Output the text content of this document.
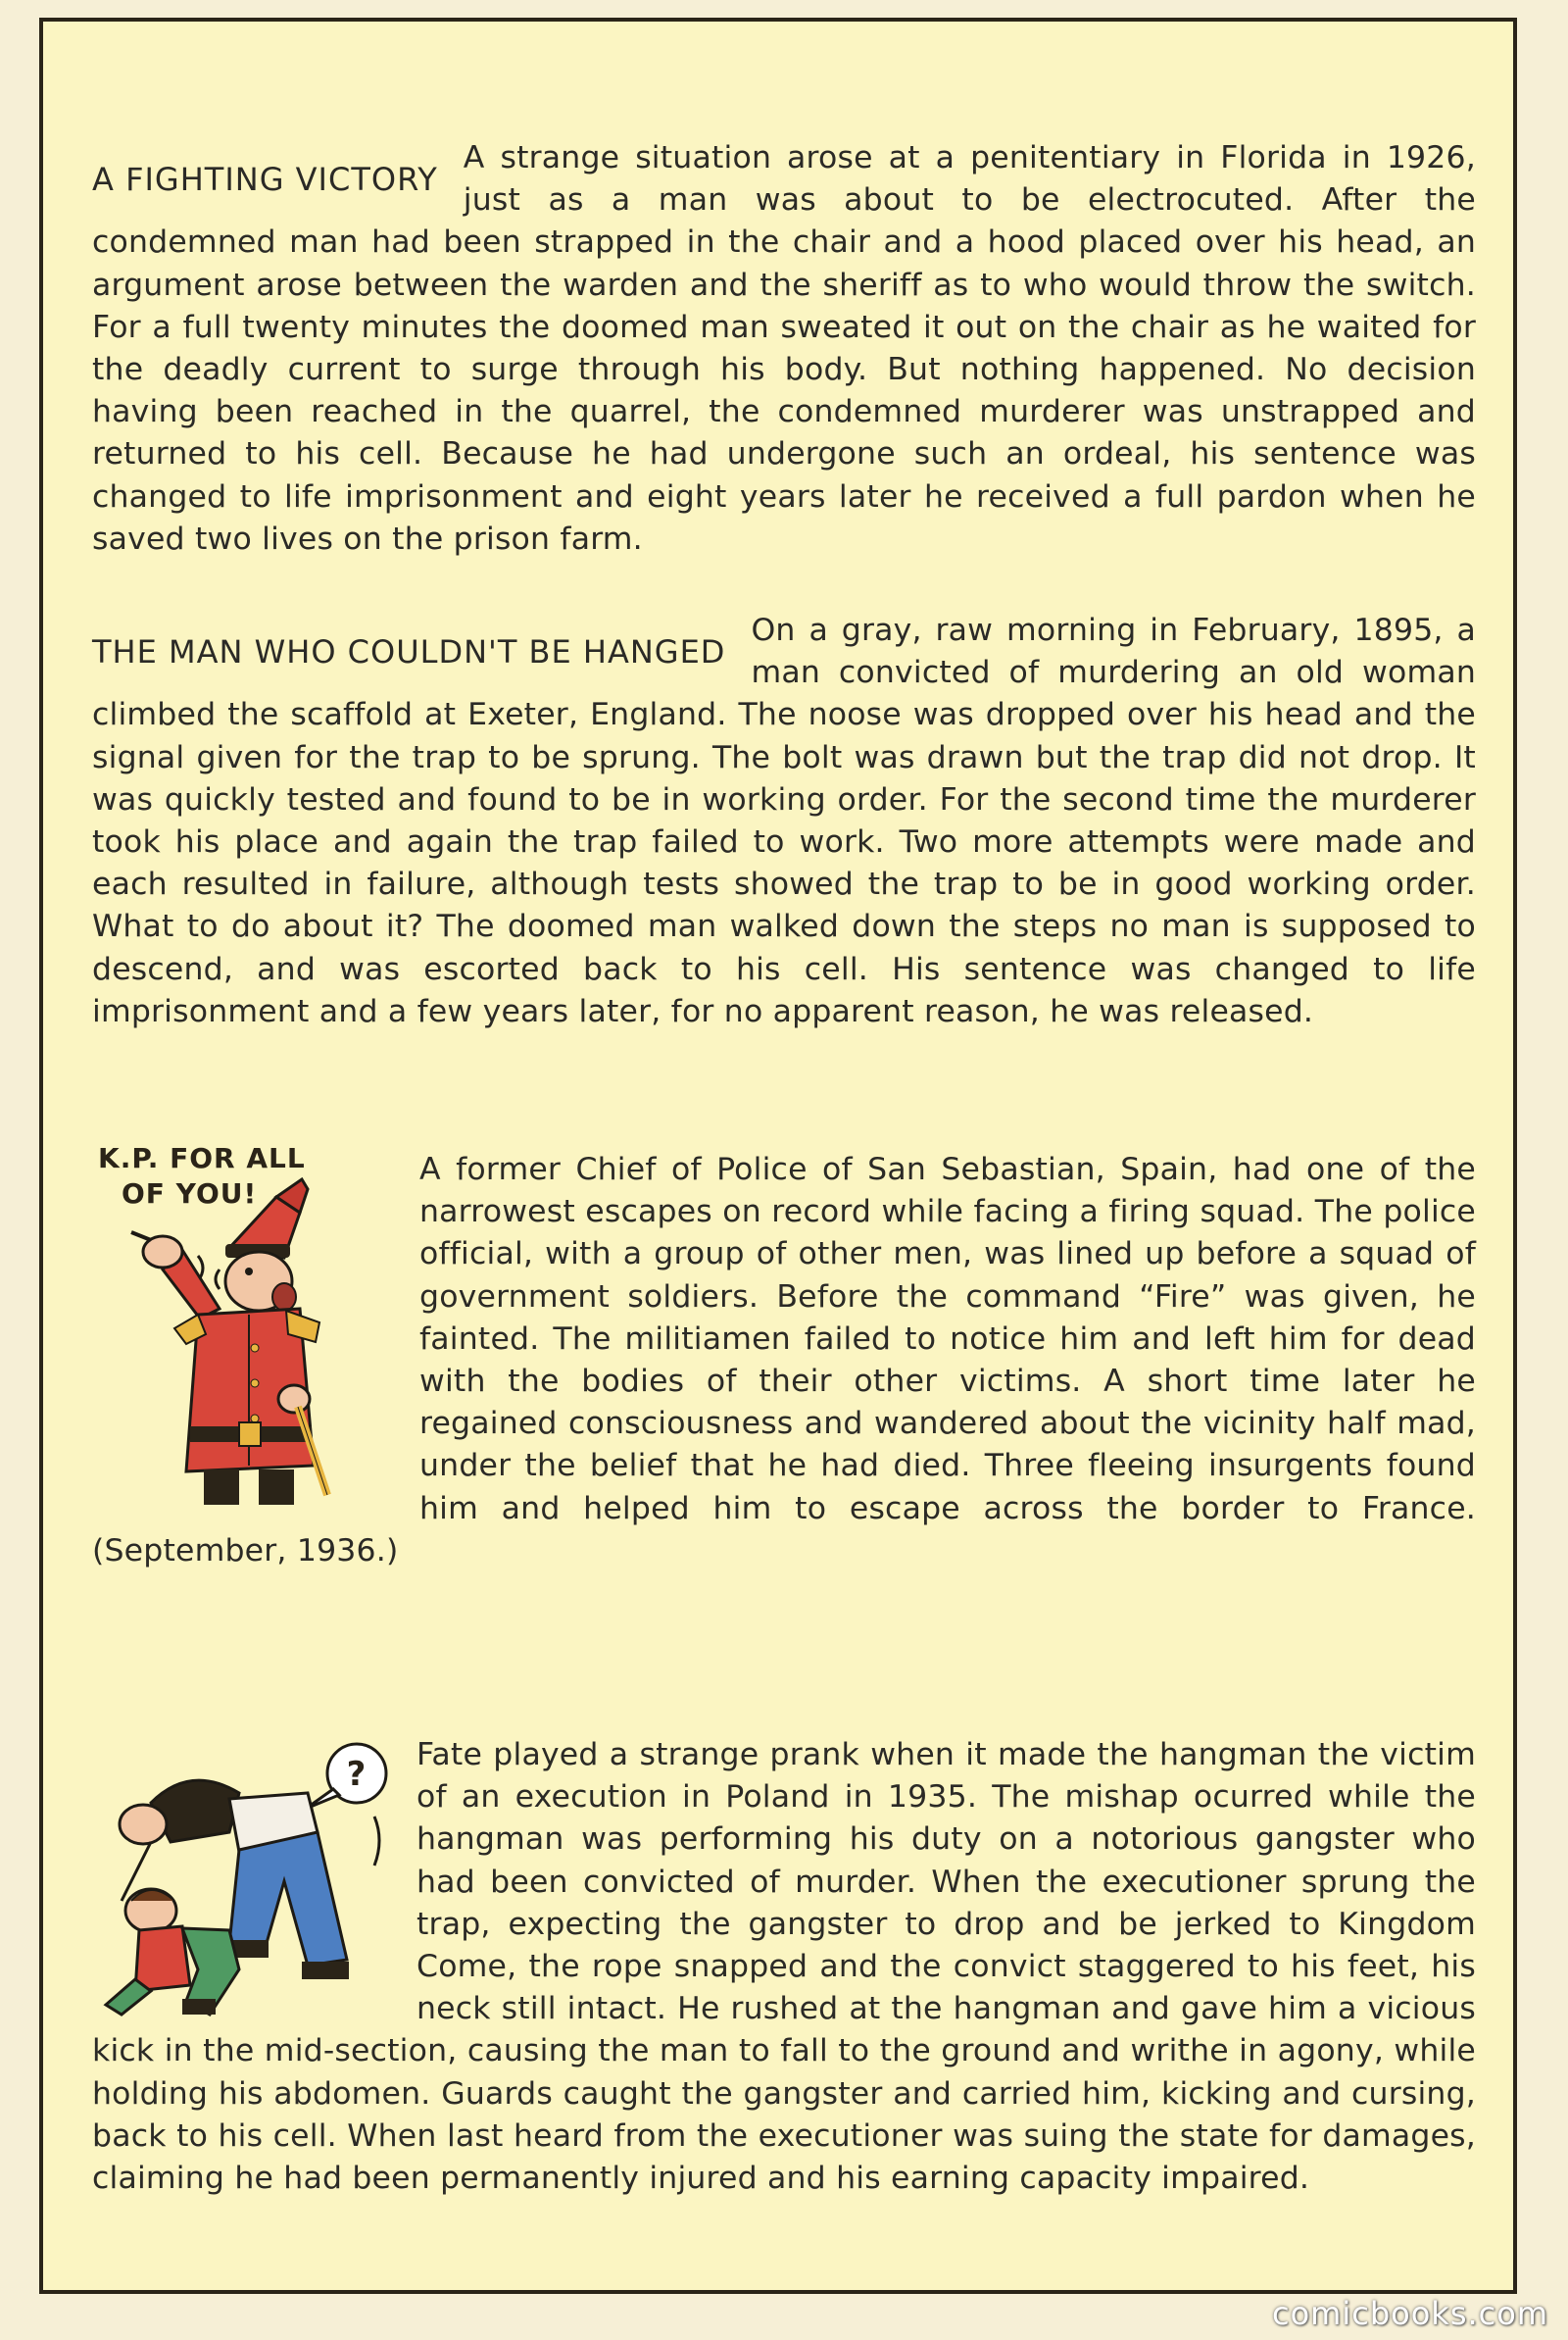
A FIGHTING VICTORY
A strange situation arose at a penitentiary in Florida in 1926, just as a man was about to be electrocuted. After the condemned man had been strapped in the chair and a hood placed over his head, an argument arose between the warden and the sheriff as to who would throw the switch. For a full twenty minutes the doomed man sweated it out on the chair as he waited for the deadly current to surge through his body. But nothing happened. No decision having been reached in the quarrel, the condemned murderer was unstrapped and returned to his cell. Because he had undergone such an ordeal, his sentence was changed to life imprisonment and eight years later he received a full pardon when he saved two lives on the prison farm.

THE MAN WHO COULDN'T BE HANGED
On a gray, raw morning in February, 1895, a man convicted of murdering an old woman climbed the scaffold at Exeter, England. The noose was dropped over his head and the signal given for the trap to be sprung. The bolt was drawn but the trap did not drop. It was quickly tested and found to be in working order. For the second time the murderer took his place and again the trap failed to work. Two more attempts were made and each resulted in failure, although tests showed the trap to be in good working order. What to do about it? The doomed man walked down the steps no man is supposed to descend, and was escorted back to his cell. His sentence was changed to life imprisonment and a few years later, for no apparent reason, he was released.

K.P. FOR ALL
OF YOU!

A former Chief of Police of San Sebastian, Spain, had one of the narrowest escapes on record while facing a firing squad. The police official, with a group of other men, was lined up before a squad of government soldiers. Before the command “Fire” was given, he fainted. The militiamen failed to notice him and left him for dead with the bodies of their other victims. A short time later he regained consciousness and wandered about the vicinity half mad, under the belief that he had died. Three fleeing insurgents found him and helped him to escape across the border to France. (September, 1936.)

?	Fate played a strange prank when it made the hangman the victim of an execution in Poland in 1935. The mishap ocurred while the hangman was performing his duty on a notorious gangster who had been convicted of murder. When the executioner sprung the trap, expecting the gangster to drop and be jerked to Kingdom Come, the rope snapped and the convict staggered to his feet, his neck still intact. He rushed at the hangman and gave him a vicious kick in the mid-section, causing the man to fall to the ground and writhe in agony, while holding his abdomen. Guards caught the gangster and carried him, kicking and cursing, back to his cell. When last heard from the executioner was suing the state for damages, claiming he had been permanently injured and his earning capacity impaired.

comicbooks.com
